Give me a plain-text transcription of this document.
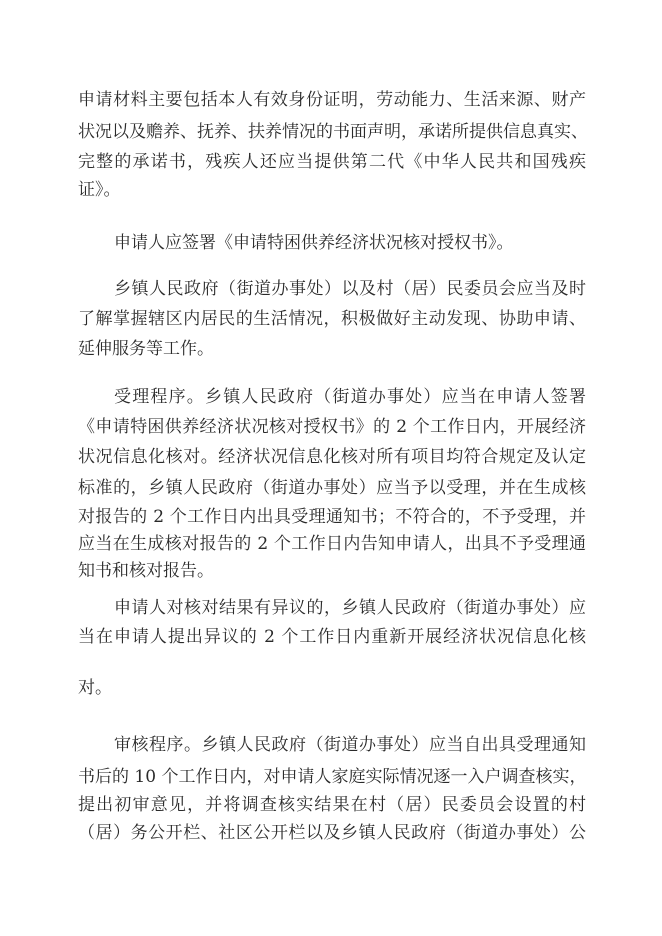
申请材料主要包括本人有效身份证明，劳动能力、生活来源、财产
状况以及赡养、抚养、扶养情况的书面声明，承诺所提供信息真实、
完整的承诺书，残疾人还应当提供第二代《中华人民共和国残疾
证》。
申请人应签署《申请特困供养经济状况核对授权书》。
乡镇人民政府（街道办事处）以及村（居）民委员会应当及时
了解掌握辖区内居民的生活情况，积极做好主动发现、协助申请、
延伸服务等工作。
受理程序。乡镇人民政府（街道办事处）应当在申请人签署
《申请特困供养经济状况核对授权书》的 2 个工作日内，开展经济
状况信息化核对。经济状况信息化核对所有项目均符合规定及认定
标准的，乡镇人民政府（街道办事处）应当予以受理，并在生成核
对报告的 2 个工作日内出具受理通知书；不符合的，不予受理，并
应当在生成核对报告的 2 个工作日内告知申请人，出具不予受理通
知书和核对报告。
申请人对核对结果有异议的，乡镇人民政府（街道办事处）应
当在申请人提出异议的 2 个工作日内重新开展经济状况信息化核
对。
审核程序。乡镇人民政府（街道办事处）应当自出具受理通知
书后的 10 个工作日内，对申请人家庭实际情况逐一入户调查核实，
提出初审意见，并将调查核实结果在村（居）民委员会设置的村
（居）务公开栏、社区公开栏以及乡镇人民政府（街道办事处）公
